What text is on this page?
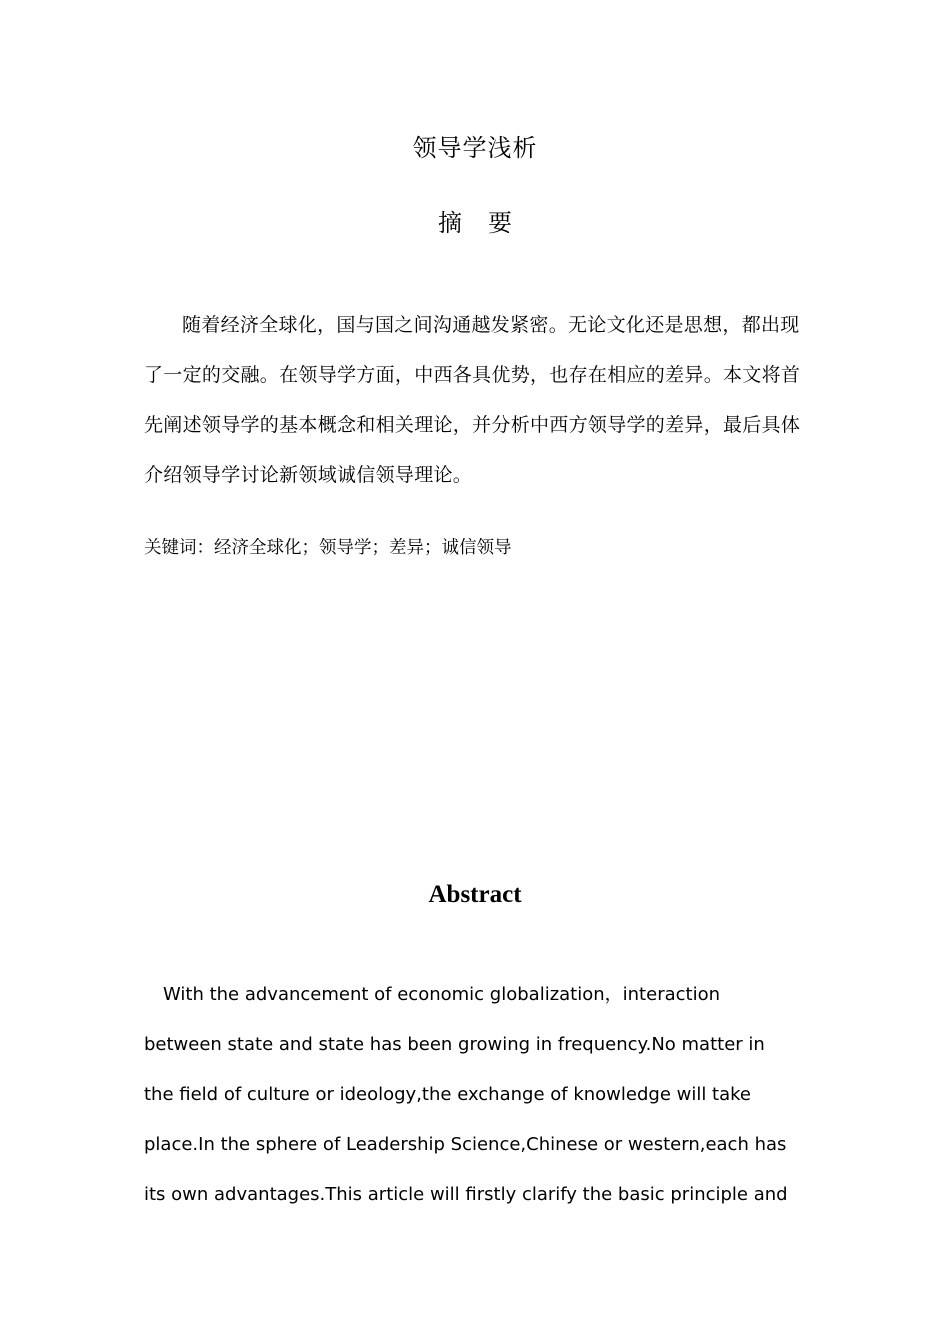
领导学浅析
摘 要

随着经济全球化，国与国之间沟通越发紧密。无论文化还是思想，都出现了一定的交融。在领导学方面，中西各具优势，也存在相应的差异。本文将首先阐述领导学的基本概念和相关理论，并分析中西方领导学的差异，最后具体介绍领导学讨论新领域诚信领导理论。

关键词：经济全球化；领导学；差异；诚信领导

Abstract

With the advancement of economic globalization，interaction
between state and state has been growing in frequency.No matter in
the field of culture or ideology,the exchange of knowledge will take
place.In the sphere of Leadership Science,Chinese or western,each has
its own advantages.This article will firstly clarify the basic principle and
